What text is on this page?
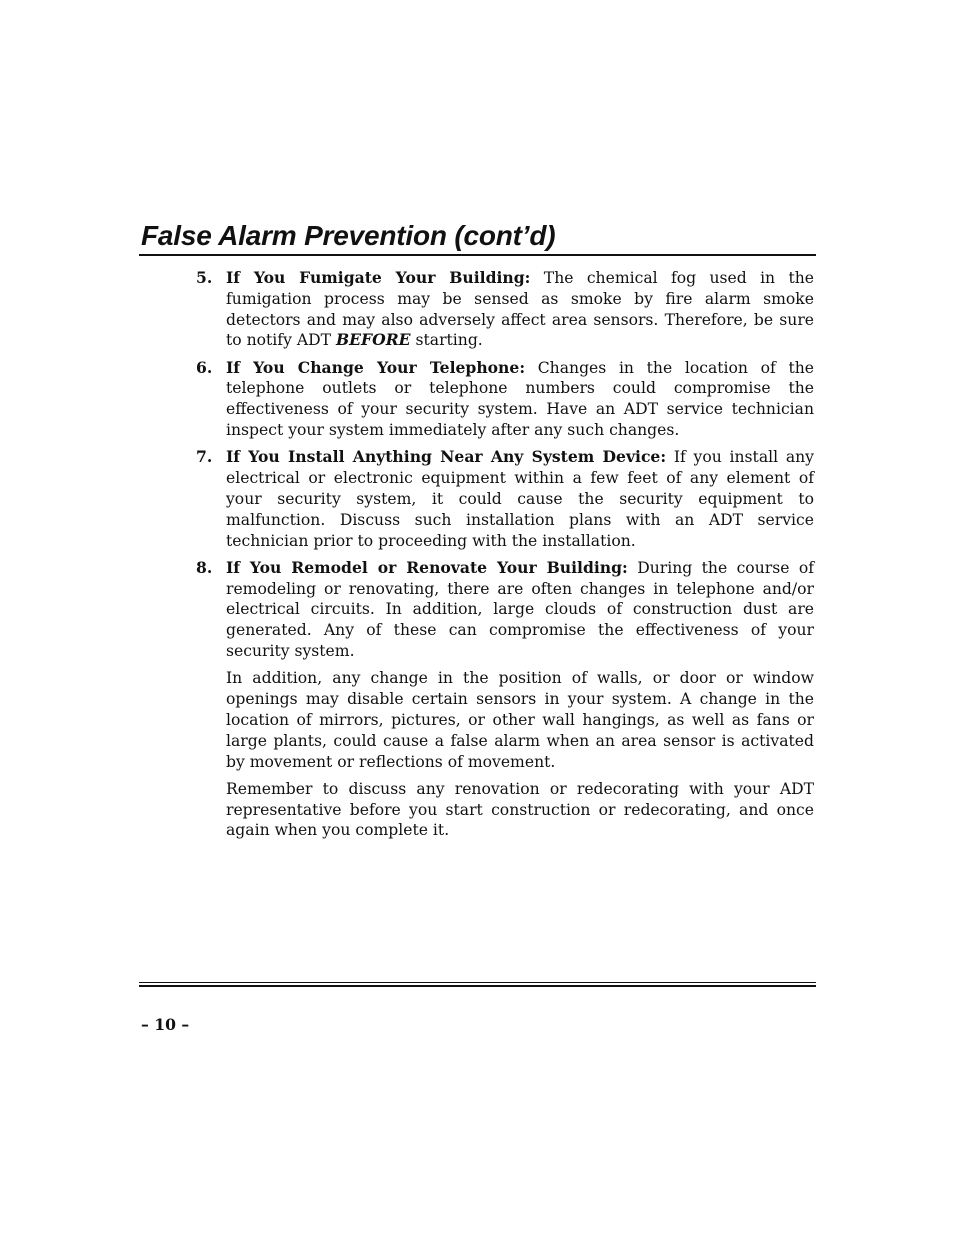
False Alarm Prevention (cont’d)
5. If You Fumigate Your Building: The chemical fog used in the fumigation process may be sensed as smoke by fire alarm smoke detectors and may also adversely affect area sensors. Therefore, be sure to notify ADT BEFORE starting.
6. If You Change Your Telephone: Changes in the location of the telephone outlets or telephone numbers could compromise the effectiveness of your security system. Have an ADT service technician inspect your system immediately after any such changes.
7. If You Install Anything Near Any System Device: If you install any electrical or electronic equipment within a few feet of any element of your security system, it could cause the security equipment to malfunction. Discuss such installation plans with an ADT service technician prior to proceeding with the installation.
8. If You Remodel or Renovate Your Building: During the course of remodeling or renovating, there are often changes in telephone and/or electrical circuits. In addition, large clouds of construction dust are generated. Any of these can compromise the effectiveness of your security system.

In addition, any change in the position of walls, or door or window openings may disable certain sensors in your system. A change in the location of mirrors, pictures, or other wall hangings, as well as fans or large plants, could cause a false alarm when an area sensor is activated by movement or reflections of movement.

Remember to discuss any renovation or redecorating with your ADT representative before you start construction or redecorating, and once again when you complete it.

– 10 –
